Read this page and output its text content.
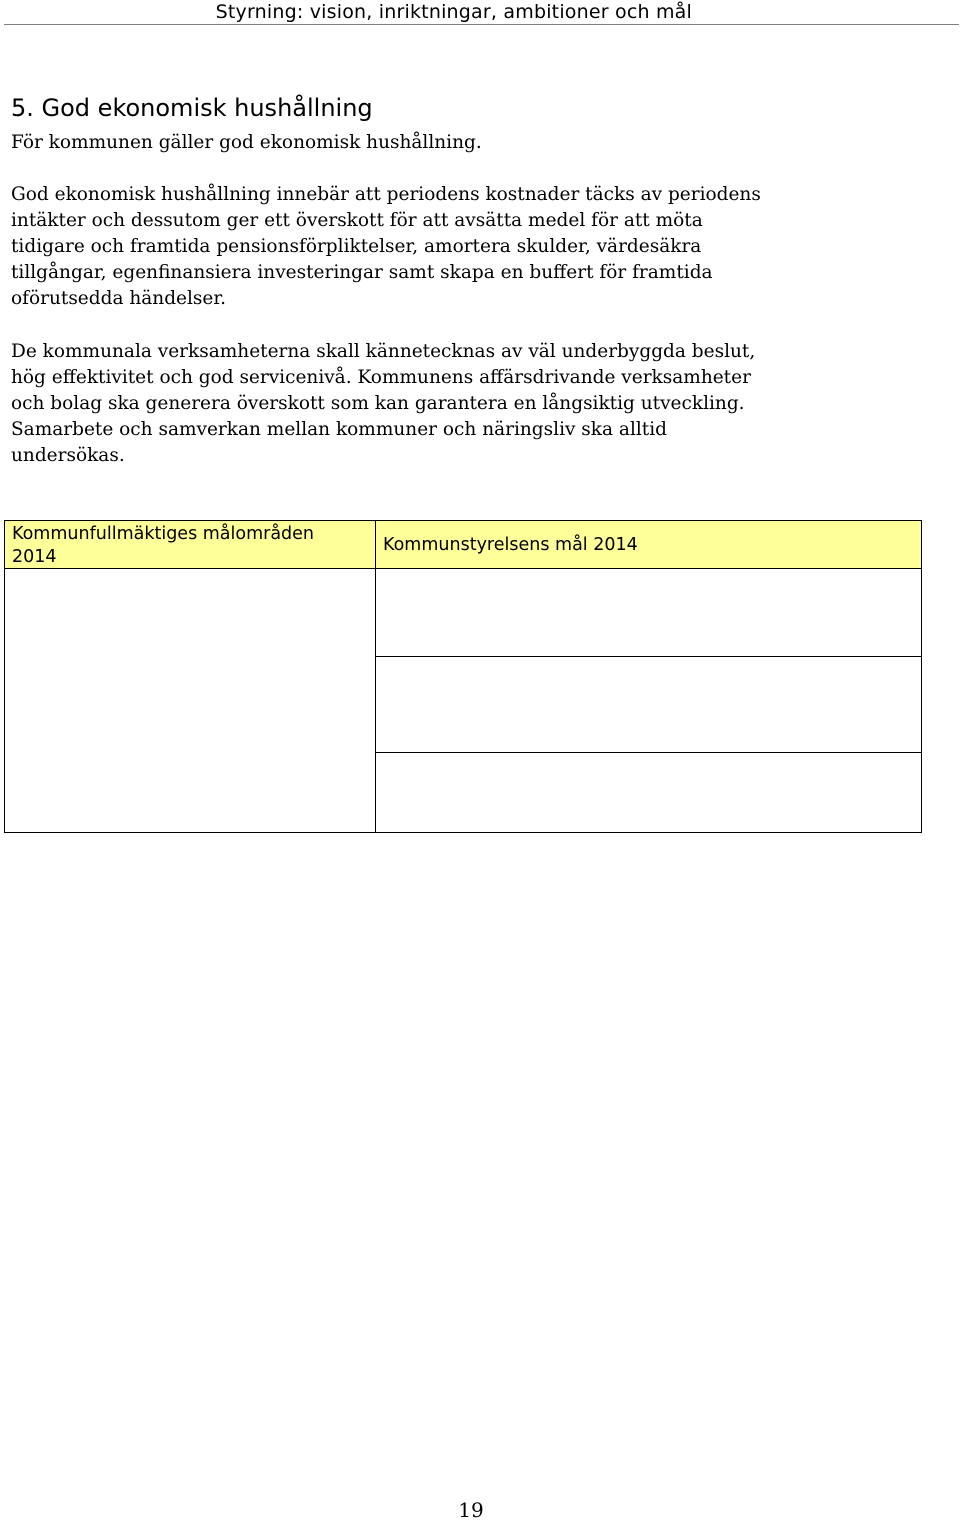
Styrning: vision, inriktningar, ambitioner och mål
5. God ekonomisk hushållning

För kommunen gäller god ekonomisk hushållning.

God ekonomisk hushållning innebär att periodens kostnader täcks av periodens
intäkter och dessutom ger ett överskott för att avsätta medel för att möta
tidigare och framtida pensionsförpliktelser, amortera skulder, värdesäkra
tillgångar, egenfinansiera investeringar samt skapa en buffert för framtida
oförutsedda händelser.

De kommunala verksamheterna skall kännetecknas av väl underbyggda beslut,
hög effektivitet och god servicenivå. Kommunens affärsdrivande verksamheter
och bolag ska generera överskott som kan garantera en långsiktig utveckling.
Samarbete och samverkan mellan kommuner och näringsliv ska alltid
undersökas.

Kommunfullmäktiges målområden
2014
Kommunstyrelsens mål 2014
19
